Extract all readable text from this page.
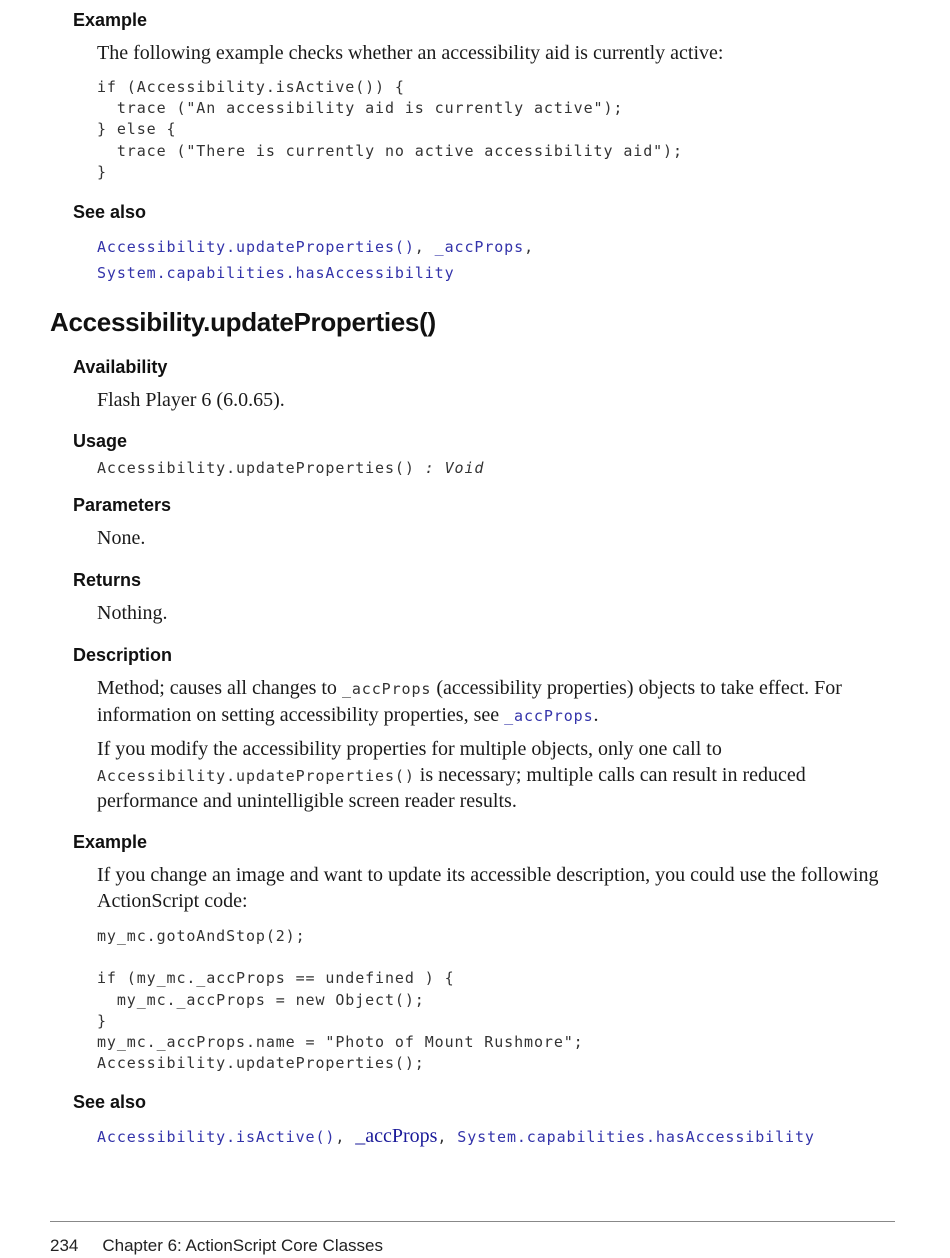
Example
The following example checks whether an accessibility aid is currently active:
if (Accessibility.isActive()) {
trace ("An accessibility aid is currently active");
} else {
trace ("There is currently no active accessibility aid");
}
See also
Accessibility.updateProperties(), _accProps,
System.capabilities.hasAccessibility
Accessibility.updateProperties()
Availability
Flash Player 6 (6.0.65).
Usage
Accessibility.updateProperties() : Void
Parameters
None.
Returns
Nothing.
Description
Method; causes all changes to _accProps (accessibility properties) objects to take effect. For information on setting accessibility properties, see _accProps.
If you modify the accessibility properties for multiple objects, only one call to Accessibility.updateProperties() is necessary; multiple calls can result in reduced performance and unintelligible screen reader results.
Example
If you change an image and want to update its accessible description, you could use the following ActionScript code:
my_mc.gotoAndStop(2);

if (my_mc._accProps == undefined ) {
my_mc._accProps = new Object();
}
my_mc._accProps.name = "Photo of Mount Rushmore";
Accessibility.updateProperties();
See also
Accessibility.isActive(), _accProps, System.capabilities.hasAccessibility
234 Chapter 6: ActionScript Core Classes
